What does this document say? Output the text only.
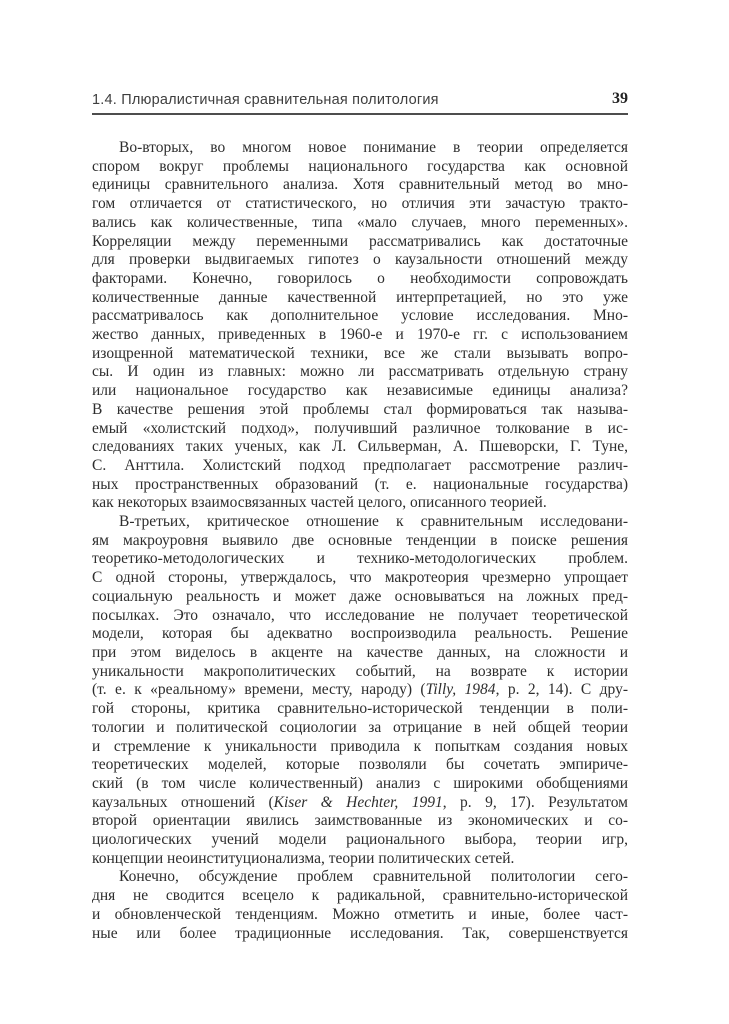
1.4. Плюралистичная сравнительная политология	39
Во-вторых, во многом новое понимание в теории определяется
спором вокруг проблемы национального государства как основной
единицы сравнительного анализа. Хотя сравнительный метод во мно-
гом отличается от статистического, но отличия эти зачастую тракто-
вались как количественные, типа «мало случаев, много переменных».
Корреляции между переменными рассматривались как достаточные
для проверки выдвигаемых гипотез о каузальности отношений между
факторами. Конечно, говорилось о необходимости сопровождать
количественные данные качественной интерпретацией, но это уже
рассматривалось как дополнительное условие исследования. Мно-
жество данных, приведенных в 1960-е и 1970-е гг. с использованием
изощренной математической техники, все же стали вызывать вопро-
сы. И один из главных: можно ли рассматривать отдельную страну
или национальное государство как независимые единицы анализа?
В качестве решения этой проблемы стал формироваться так называ-
емый «холистский подход», получивший различное толкование в ис-
следованиях таких ученых, как Л. Сильверман, А. Пшеворски, Г. Туне,
С. Анттила. Холистский подход предполагает рассмотрение различ-
ных пространственных образований (т. е. национальные государства)
как некоторых взаимосвязанных частей целого, описанного теорией.
В-третьих, критическое отношение к сравнительным исследовани-
ям макроуровня выявило две основные тенденции в поиске решения
теоретико-методологических и технико-методологических проблем.
С одной стороны, утверждалось, что макротеория чрезмерно упрощает
социальную реальность и может даже основываться на ложных пред-
посылках. Это означало, что исследование не получает теоретической
модели, которая бы адекватно воспроизводила реальность. Решение
при этом виделось в акценте на качестве данных, на сложности и
уникальности макрополитических событий, на возврате к истории
(т. е. к «реальному» времени, месту, народу) (Tilly, 1984, p. 2, 14). С дру-
гой стороны, критика сравнительно-исторической тенденции в поли-
тологии и политической социологии за отрицание в ней общей теории
и стремление к уникальности приводила к попыткам создания новых
теоретических моделей, которые позволяли бы сочетать эмпириче-
ский (в том числе количественный) анализ с широкими обобщениями
каузальных отношений (Kiser & Hechter, 1991, p. 9, 17). Результатом
второй ориентации явились заимствованные из экономических и со-
циологических учений модели рационального выбора, теории игр,
концепции неоинституционализма, теории политических сетей.
Конечно, обсуждение проблем сравнительной политологии сего-
дня не сводится всецело к радикальной, сравнительно-исторической
и обновленческой тенденциям. Можно отметить и иные, более част-
ные или более традиционные исследования. Так, совершенствуется
